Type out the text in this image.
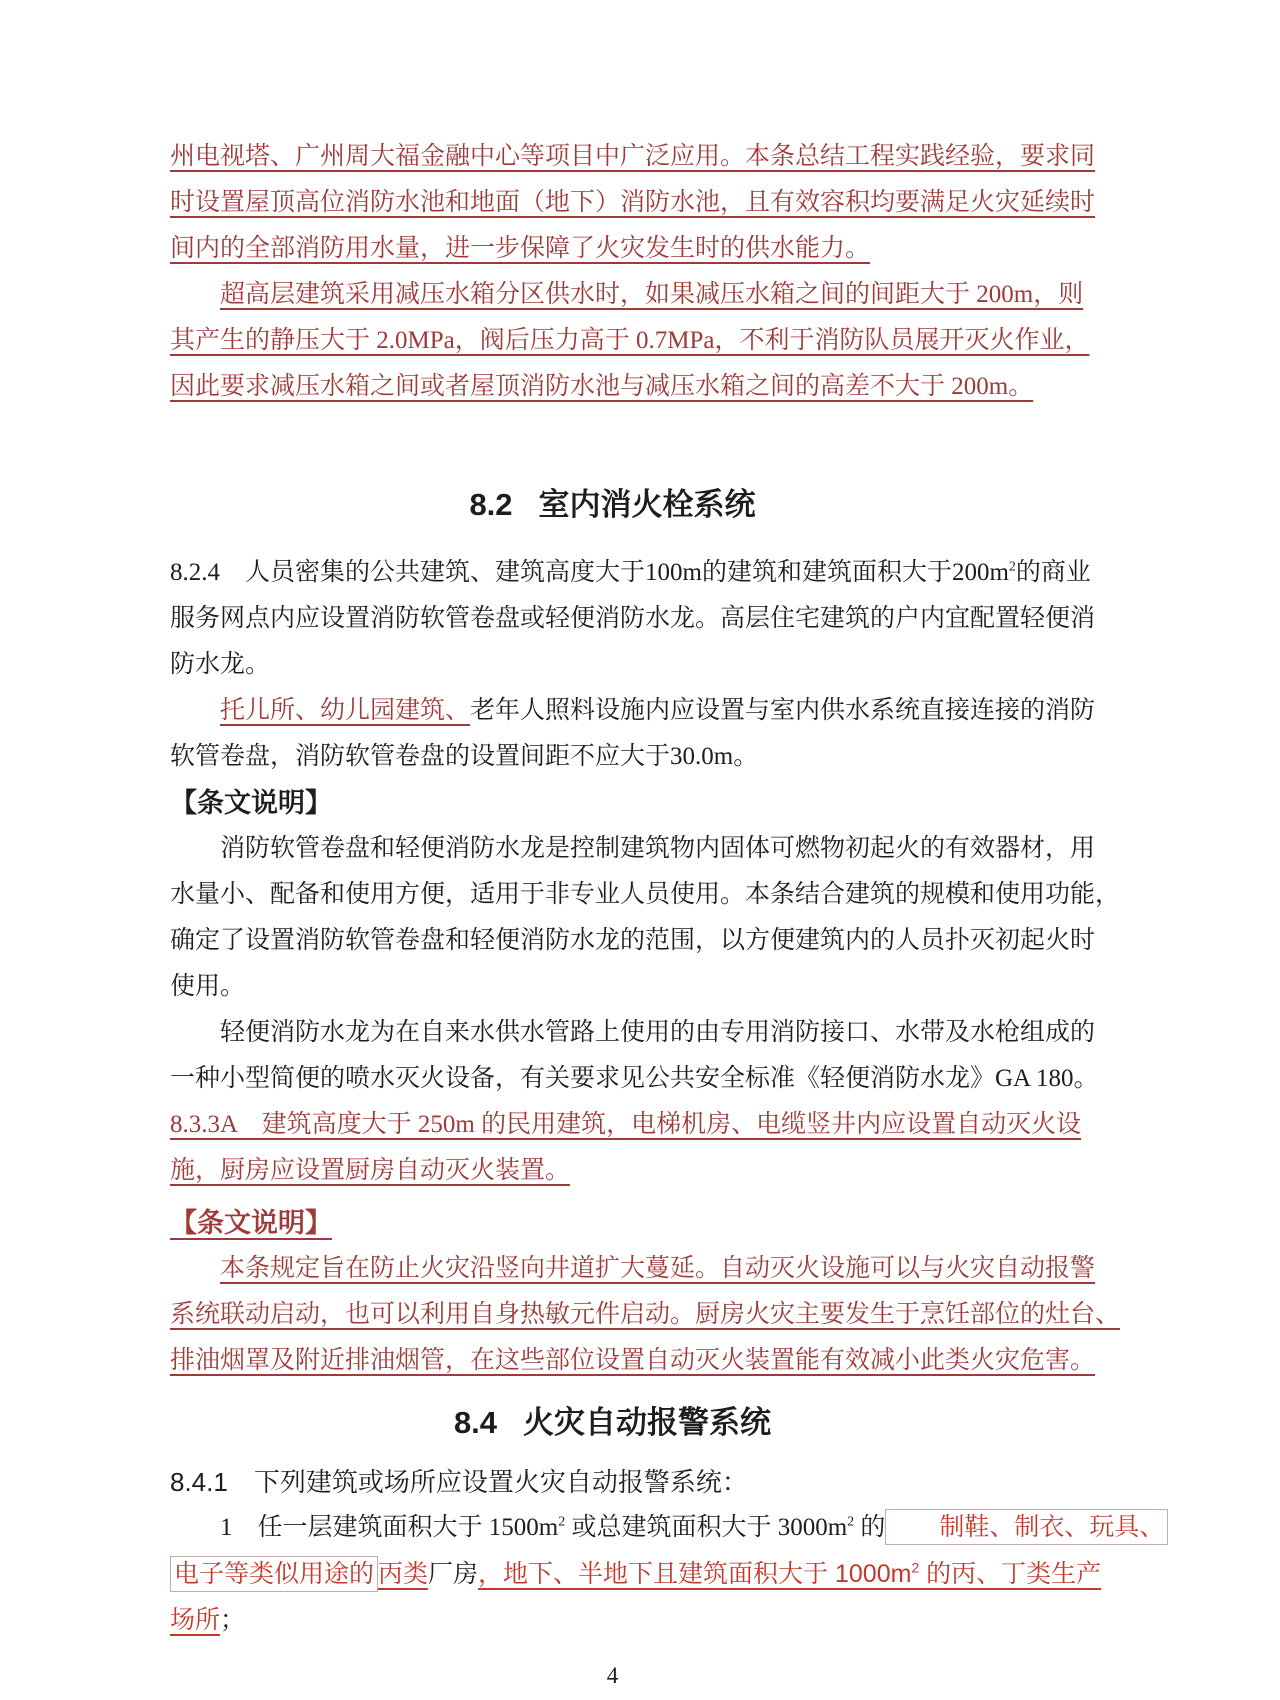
州电视塔、广州周大福金融中心等项目中广泛应用。本条总结工程实践经验，要求同
时设置屋顶高位消防水池和地面（地下）消防水池，且有效容积均要满足火灾延续时
间内的全部消防用水量，进一步保障了火灾发生时的供水能力。
超高层建筑采用减压水箱分区供水时，如果减压水箱之间的间距大于 200m，则
其产生的静压大于 2.0MPa，阀后压力高于 0.7MPa，不利于消防队员展开灭火作业，
因此要求减压水箱之间或者屋顶消防水池与减压水箱之间的高差不大于 200m。
8.2 室内消火栓系统
8.2.4　人员密集的公共建筑、建筑高度大于100m的建筑和建筑面积大于$200m^2$的商业
服务网点内应设置消防软管卷盘或轻便消防水龙。高层住宅建筑的户内宜配置轻便消
防水龙。
托儿所、幼儿园建筑、老年人照料设施内应设置与室内供水系统直接连接的消防
软管卷盘，消防软管卷盘的设置间距不应大于30.0m。
【条文说明】
消防软管卷盘和轻便消防水龙是控制建筑物内固体可燃物初起火的有效器材，用
水量小、配备和使用方便，适用于非专业人员使用。本条结合建筑的规模和使用功能，
确定了设置消防软管卷盘和轻便消防水龙的范围，以方便建筑内的人员扑灭初起火时
使用。
轻便消防水龙为在自来水供水管路上使用的由专用消防接口、水带及水枪组成的
一种小型简便的喷水灭火设备，有关要求见公共安全标准《轻便消防水龙》GA 180。
8.3.3A　建筑高度大于 250m 的民用建筑，电梯机房、电缆竖井内应设置自动灭火设
施，厨房应设置厨房自动灭火装置。
【条文说明】
本条规定旨在防止火灾沿竖向井道扩大蔓延。自动灭火设施可以与火灾自动报警
系统联动启动，也可以利用自身热敏元件启动。厨房火灾主要发生于烹饪部位的灶台、
排油烟罩及附近排油烟管，在这些部位设置自动灭火装置能有效减小此类火灾危害。
8.4 火灾自动报警系统
8.4.1　下列建筑或场所应设置火灾自动报警系统：
1　任一层建筑面积大于 $1500m^2$ 或总建筑面积大于 $3000m^2$ 的 制鞋、制衣、玩具、
电子等类似用途的 丙类厂房，地下、半地下且建筑面积大于 $1000m^2$ 的丙、丁类生产
场所；
4
